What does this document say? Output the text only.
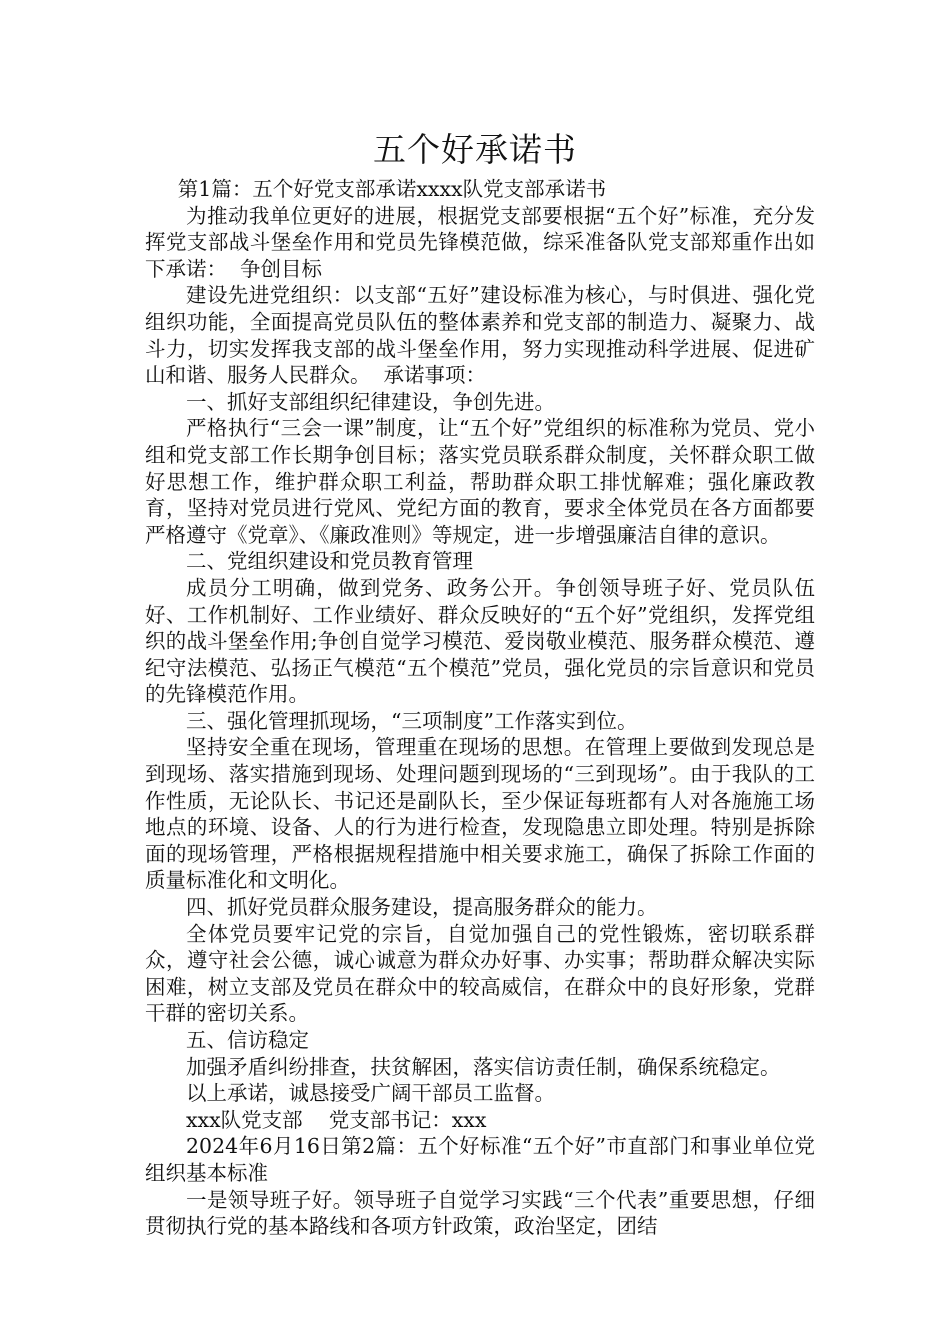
五个好承诺书

第1篇：五个好党支部承诺xxxx队党支部承诺书

为推动我单位更好的进展，根据党支部要根据“五个好”标准，充分发挥党支部战斗堡垒作用和党员先锋模范做，综采准备队党支部郑重作出如下承诺：  争创目标

建设先进党组织：以支部“五好”建设标准为核心，与时俱进、强化党组织功能，全面提高党员队伍的整体素养和党支部的制造力、凝聚力、战斗力，切实发挥我支部的战斗堡垒作用，努力实现推动科学进展、促进矿山和谐、服务人民群众。  承诺事项：

一、抓好支部组织纪律建设，争创先进。

严格执行“三会一课”制度，让“五个好”党组织的标准称为党员、党小组和党支部工作长期争创目标；落实党员联系群众制度，关怀群众职工做好思想工作，维护群众职工利益，帮助群众职工排忧解难；强化廉政教育，坚持对党员进行党风、党纪方面的教育，要求全体党员在各方面都要严格遵守《党章》、《廉政准则》等规定，进一步增强廉洁自律的意识。

二、党组织建设和党员教育管理

成员分工明确，做到党务、政务公开。争创领导班子好、党员队伍好、工作机制好、工作业绩好、群众反映好的“五个好”党组织，发挥党组织的战斗堡垒作用;争创自觉学习模范、爱岗敬业模范、服务群众模范、遵纪守法模范、弘扬正气模范“五个模范”党员，强化党员的宗旨意识和党员的先锋模范作用。

三、强化管理抓现场，“三项制度”工作落实到位。

坚持安全重在现场，管理重在现场的思想。在管理上要做到发现总是到现场、落实措施到现场、处理问题到现场的“三到现场”。由于我队的工作性质，无论队长、书记还是副队长，至少保证每班都有人对各施施工场地点的环境、设备、人的行为进行检查，发现隐患立即处理。特别是拆除面的现场管理，严格根据规程措施中相关要求施工，确保了拆除工作面的质量标准化和文明化。

四、抓好党员群众服务建设，提高服务群众的能力。

全体党员要牢记党的宗旨，自觉加强自己的党性锻炼，密切联系群众，遵守社会公德，诚心诚意为群众办好事、办实事；帮助群众解决实际困难，树立支部及党员在群众中的较高威信，在群众中的良好形象，党群干群的密切关系。

五、信访稳定

加强矛盾纠纷排查，扶贫解困，落实信访责任制，确保系统稳定。

以上承诺，诚恳接受广阔干部员工监督。

xxx队党支部    党支部书记：xxx

2024年6月16日第2篇：五个好标准“五个好”市直部门和事业单位党组织基本标准

一是领导班子好。领导班子自觉学习实践“三个代表”重要思想，仔细贯彻执行党的基本路线和各项方针政策，政治坚定，团结
